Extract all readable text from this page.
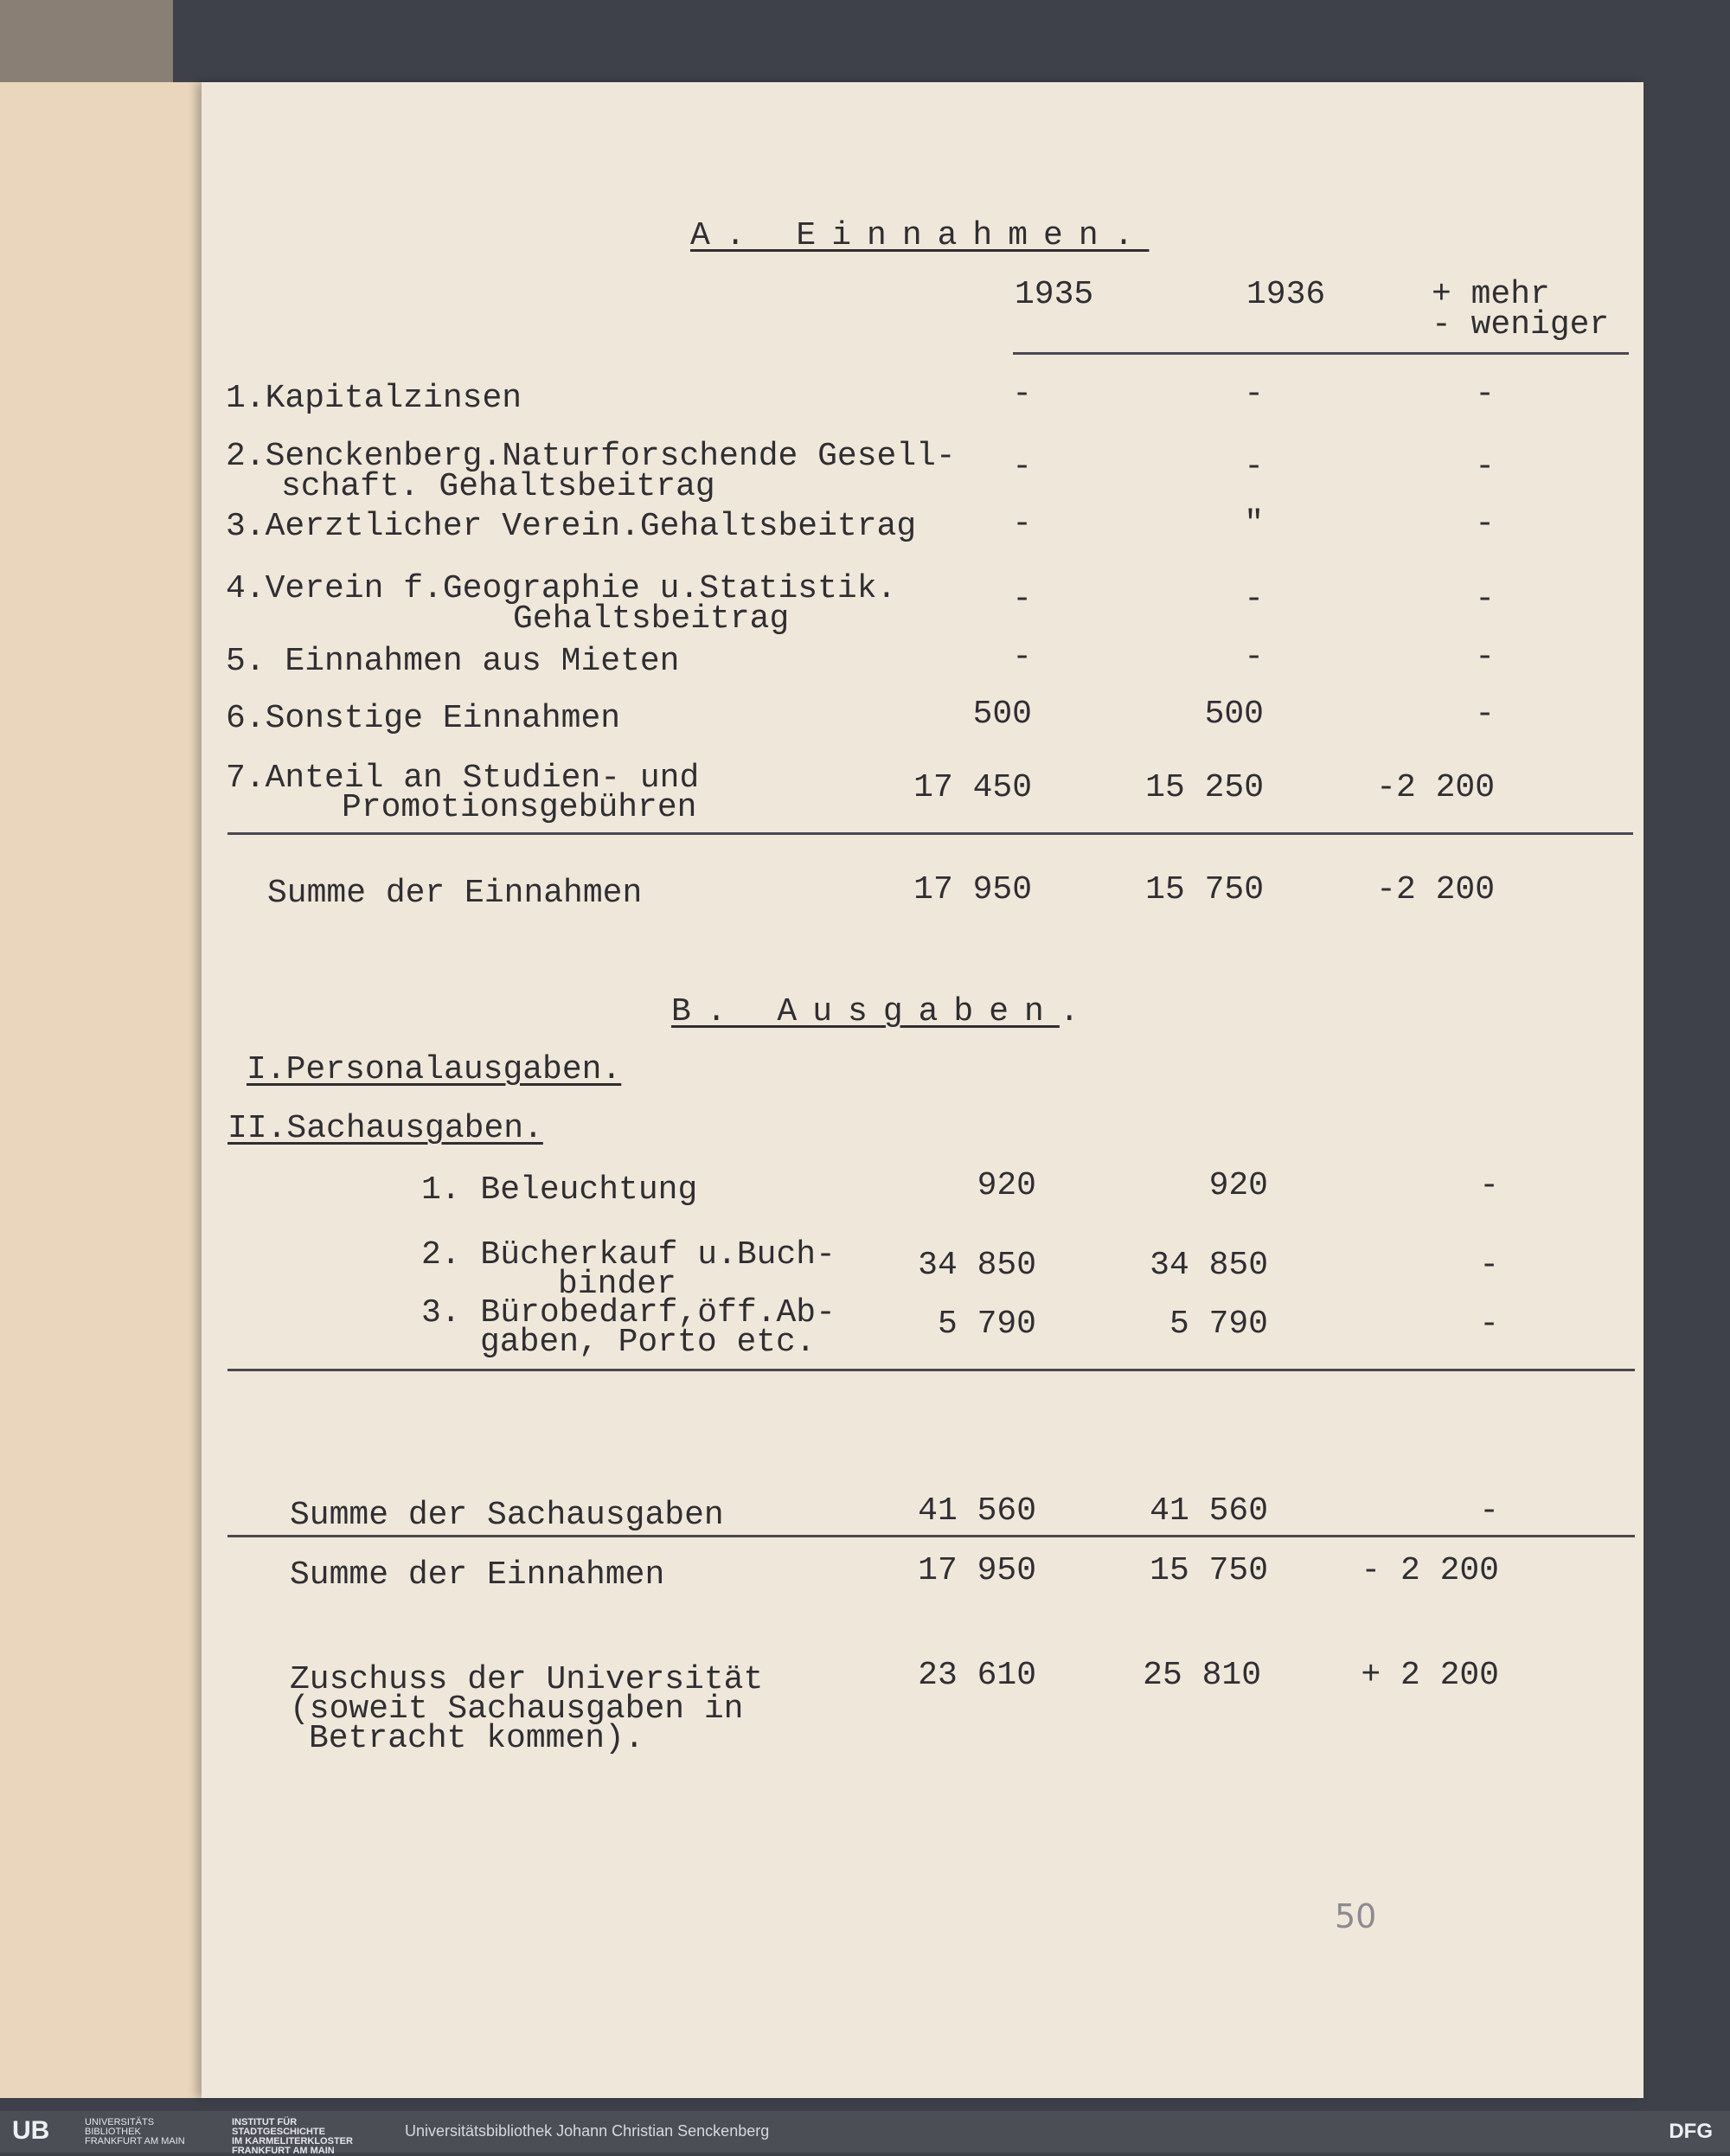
A. Einnahmen.
1935	1936	+ mehr
- weniger
1.Kapitalzinsen	-	-	-
2.Senckenberg.Naturforschende Gesell-
schaft. Gehaltsbeitrag
-	-	-
3.Aerztlicher Verein.Gehaltsbeitrag	-	"	-
4.Verein f.Geographie u.Statistik.
Gehaltsbeitrag
-	-	-
5. Einnahmen aus Mieten	-	-	-
6.Sonstige Einnahmen	500	500	-
7.Anteil an Studien- und
Promotionsgebühren
17 450	15 250	-2 200
Summe der Einnahmen	17 950	15 750	-2 200
B. Ausgaben.
I.Personalausgaben.
II.Sachausgaben.
1. Beleuchtung	920	920	-
2. Bücherkauf u.Buch-
binder
34 850	34 850	-
3. Bürobedarf,öff.Ab-
gaben, Porto etc.	5 790	5 790	-
Summe der Sachausgaben	41 560	41 560	-
Summe der Einnahmen	17 950	15 750	- 2 200
Zuschuss der Universität
(soweit Sachausgaben in
Betracht kommen).
23 610	25 810	+ 2 200
50
UB	UNIVERSITÄTS
BIBLIOTHEK
FRANKFURT AM MAIN
INSTITUT FÜR
STADTGESCHICHTE
IM KARMELITERKLOSTER
FRANKFURT AM MAIN
Universitätsbibliothek Johann Christian Senckenberg	DFG
